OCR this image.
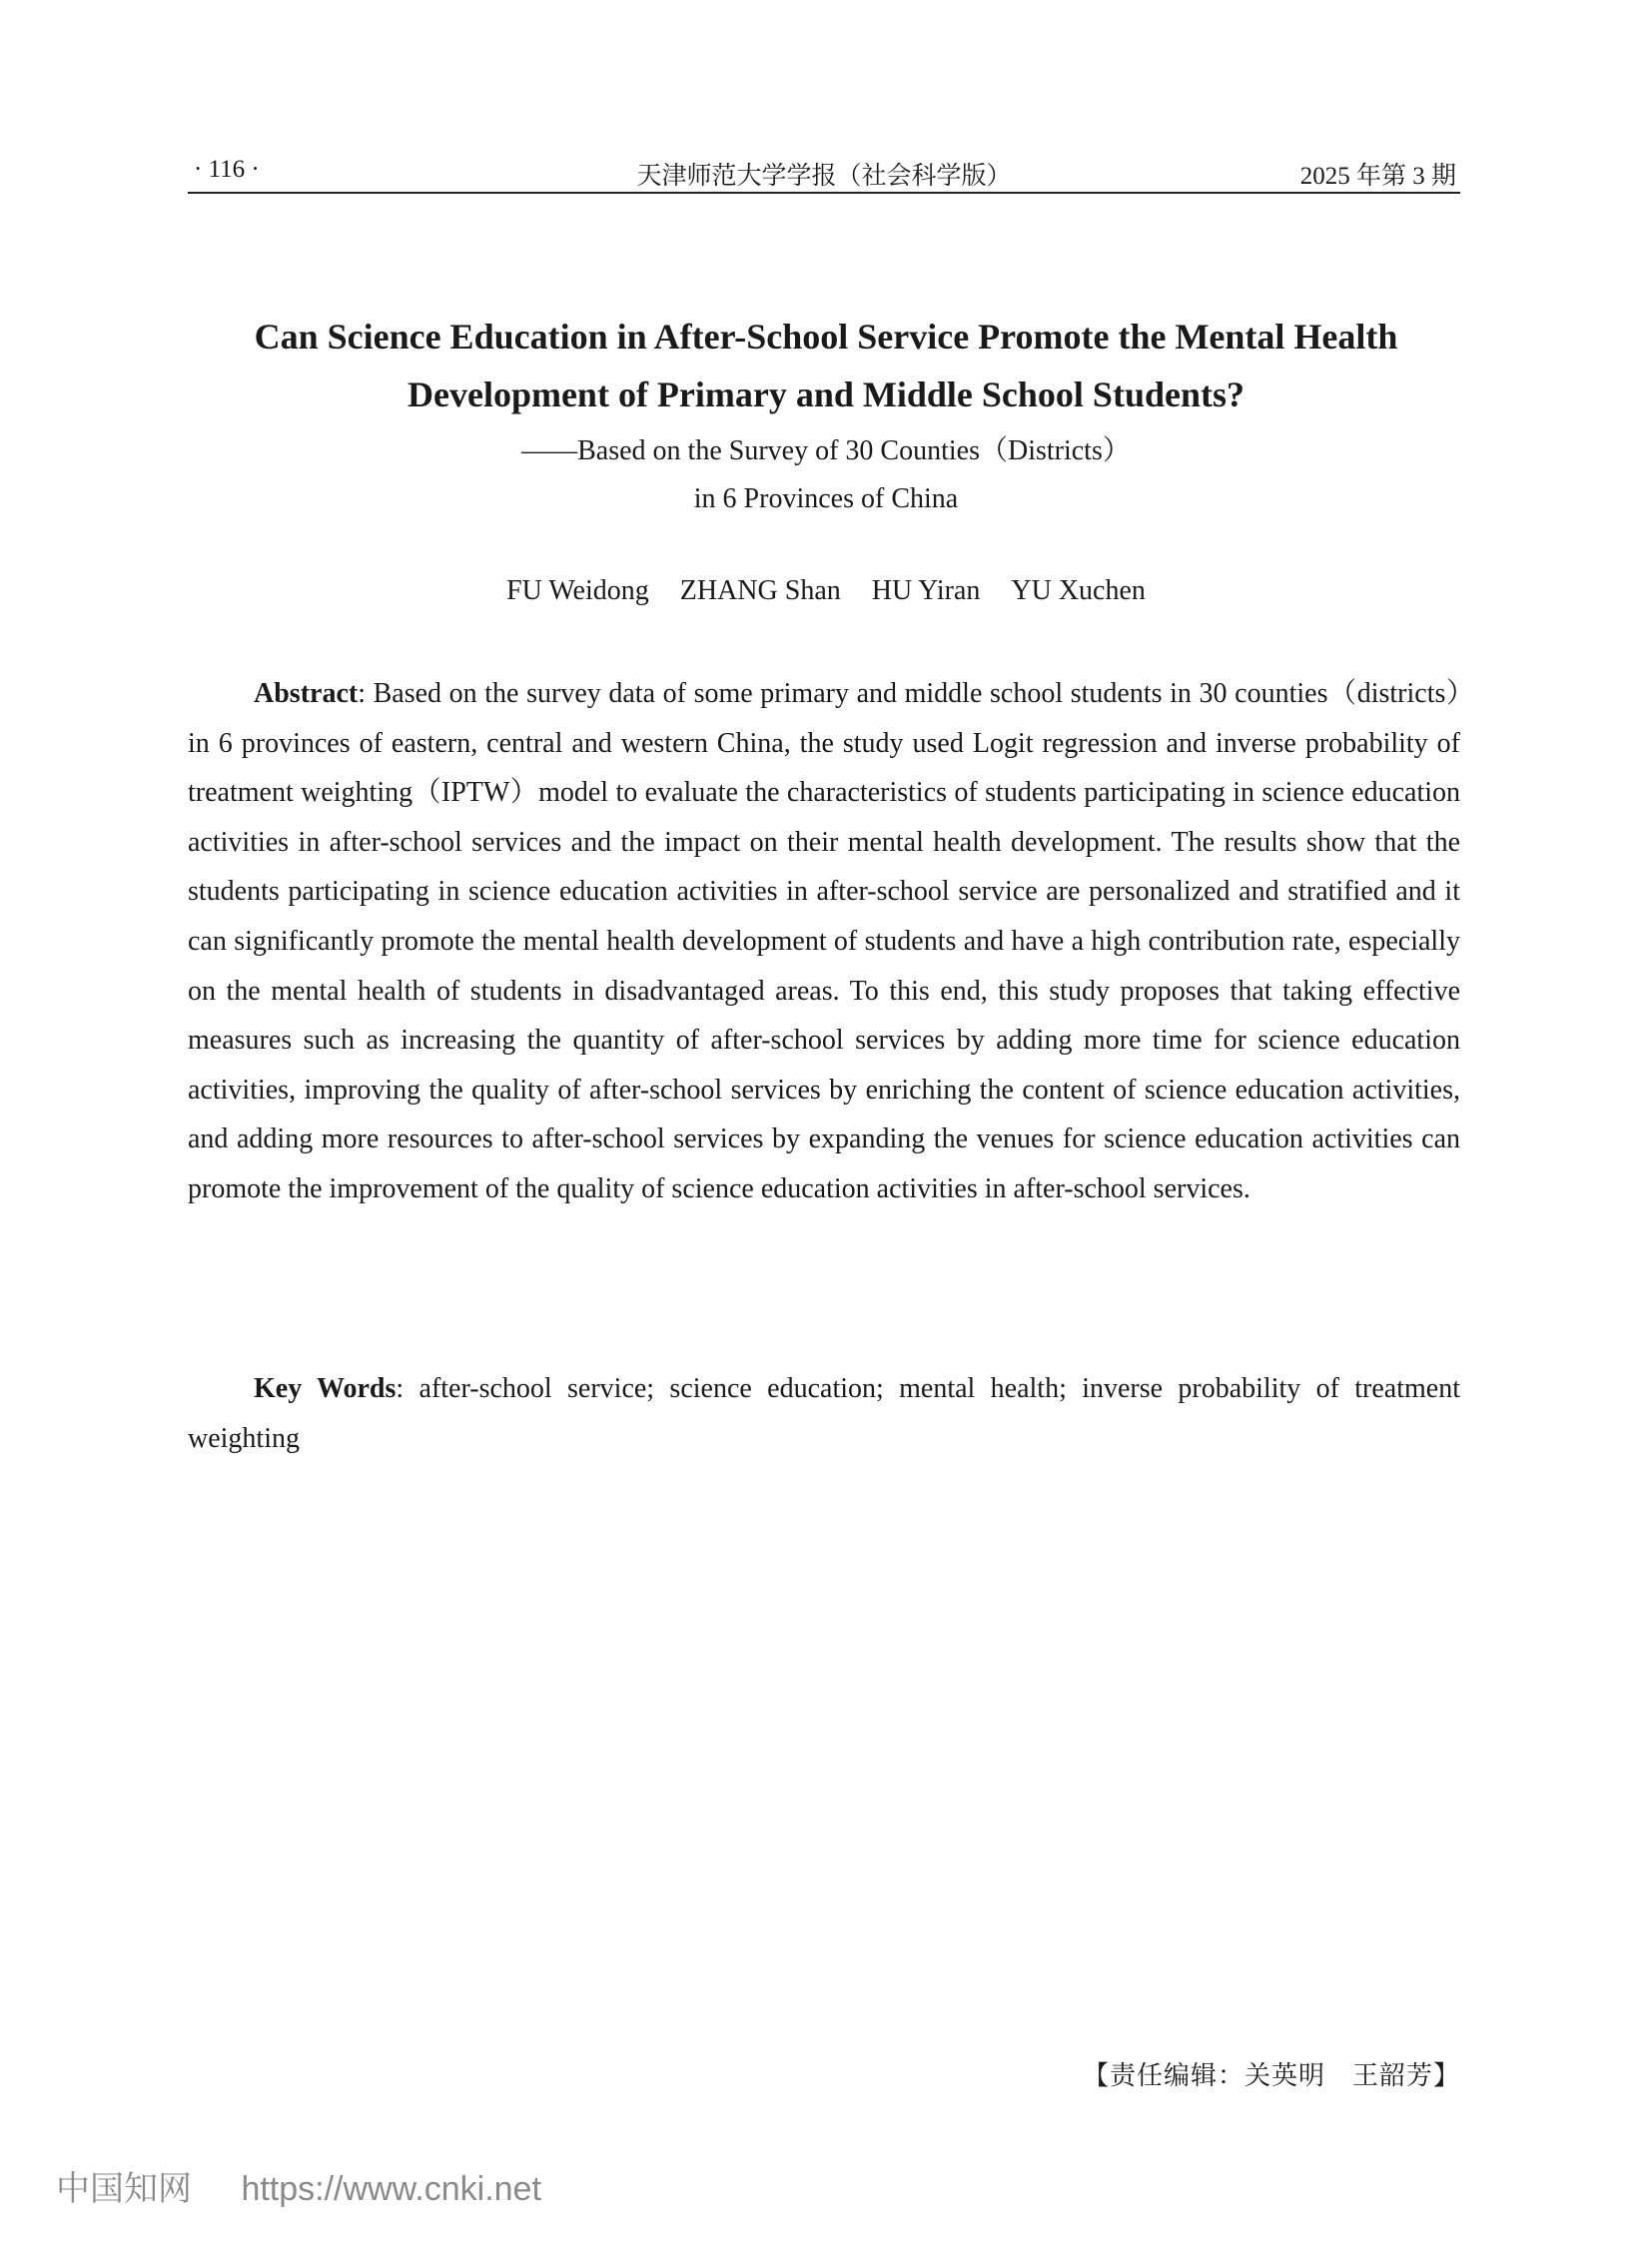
· 116 ·	天津师范大学学报（社会科学版）	2025 年第 3 期
Can Science Education in After-School Service Promote the Mental Health
Development of Primary and Middle School Students?
——Based on the Survey of 30 Counties（Districts）
in 6 Provinces of China
FU Weidong ZHANG Shan HU Yiran YU Xuchen

Abstract: Based on the survey data of some primary and middle school students in 30 counties（districts）in 6 provinces of eastern, central and western China, the study used Logit regression and inverse probability of treatment weighting（IPTW）model to evaluate the characteristics of students participating in science education activities in after-school services and the impact on their mental health development. The results show that the students participating in science education activities in after-school service are personalized and stratified and it can significantly promote the mental health development of students and have a high contribution rate, especially on the mental health of students in disadvantaged areas. To this end, this study proposes that taking effective measures such as increasing the quantity of after-school services by adding more time for science education activities, improving the quality of after-school services by enriching the content of science education activities, and adding more resources to after-school services by expanding the venues for science education activities can promote the improvement of the quality of science education activities in after-school services.

Key Words: after-school service; science education; mental health; inverse probability of treatment weighting

【责任编辑：关英明　王韶芳】
中国知网 https://www.cnki.net
